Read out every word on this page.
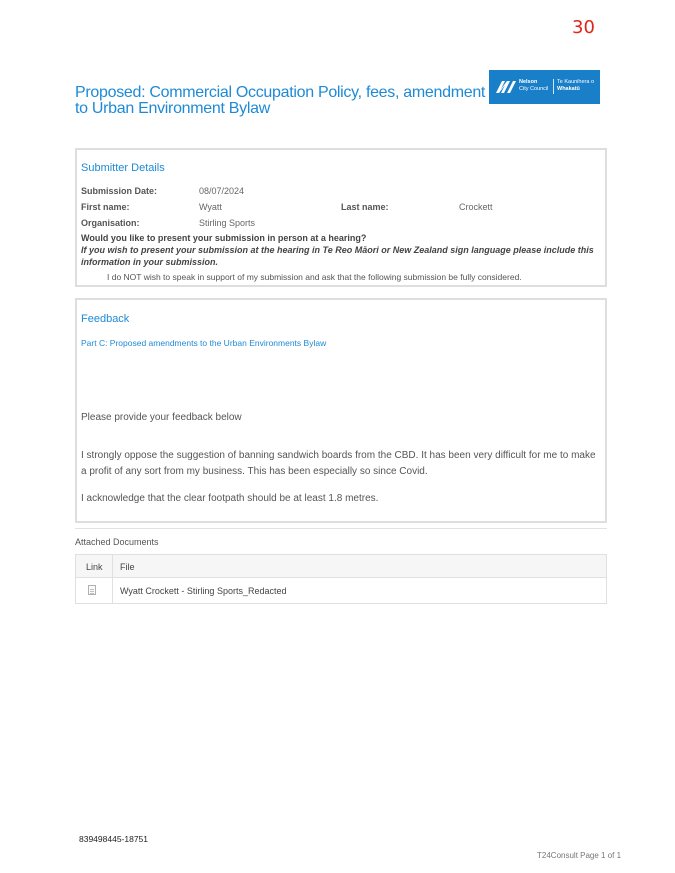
30
Proposed: Commercial Occupation Policy, fees, amendment to Urban Environment Bylaw
Nelson
City Council
Te Kaunihera o
Whakatū
Submitter Details
Submission Date:	08/07/2024
First name:	Wyatt	Last name:	Crockett
Organisation:	Stirling Sports
Would you like to present your submission in person at a hearing?
If you wish to present your submission at the hearing in Te Reo Māori or New Zealand sign language please include this information in your submission.
I do NOT wish to speak in support of my submission and ask that the following submission be fully considered.
Feedback
Part C: Proposed amendments to the Urban Environments Bylaw
Please provide your feedback below
I strongly oppose the suggestion of banning sandwich boards from the CBD. It has been very difficult for me to make a profit of any sort from my business. This has been especially so since Covid.
I acknowledge that the clear footpath should be at least 1.8 metres.
Attached Documents
Link File
Wyatt Crockett - Stirling Sports_Redacted
839498445-18751
T24Consult Page 1 of 1
